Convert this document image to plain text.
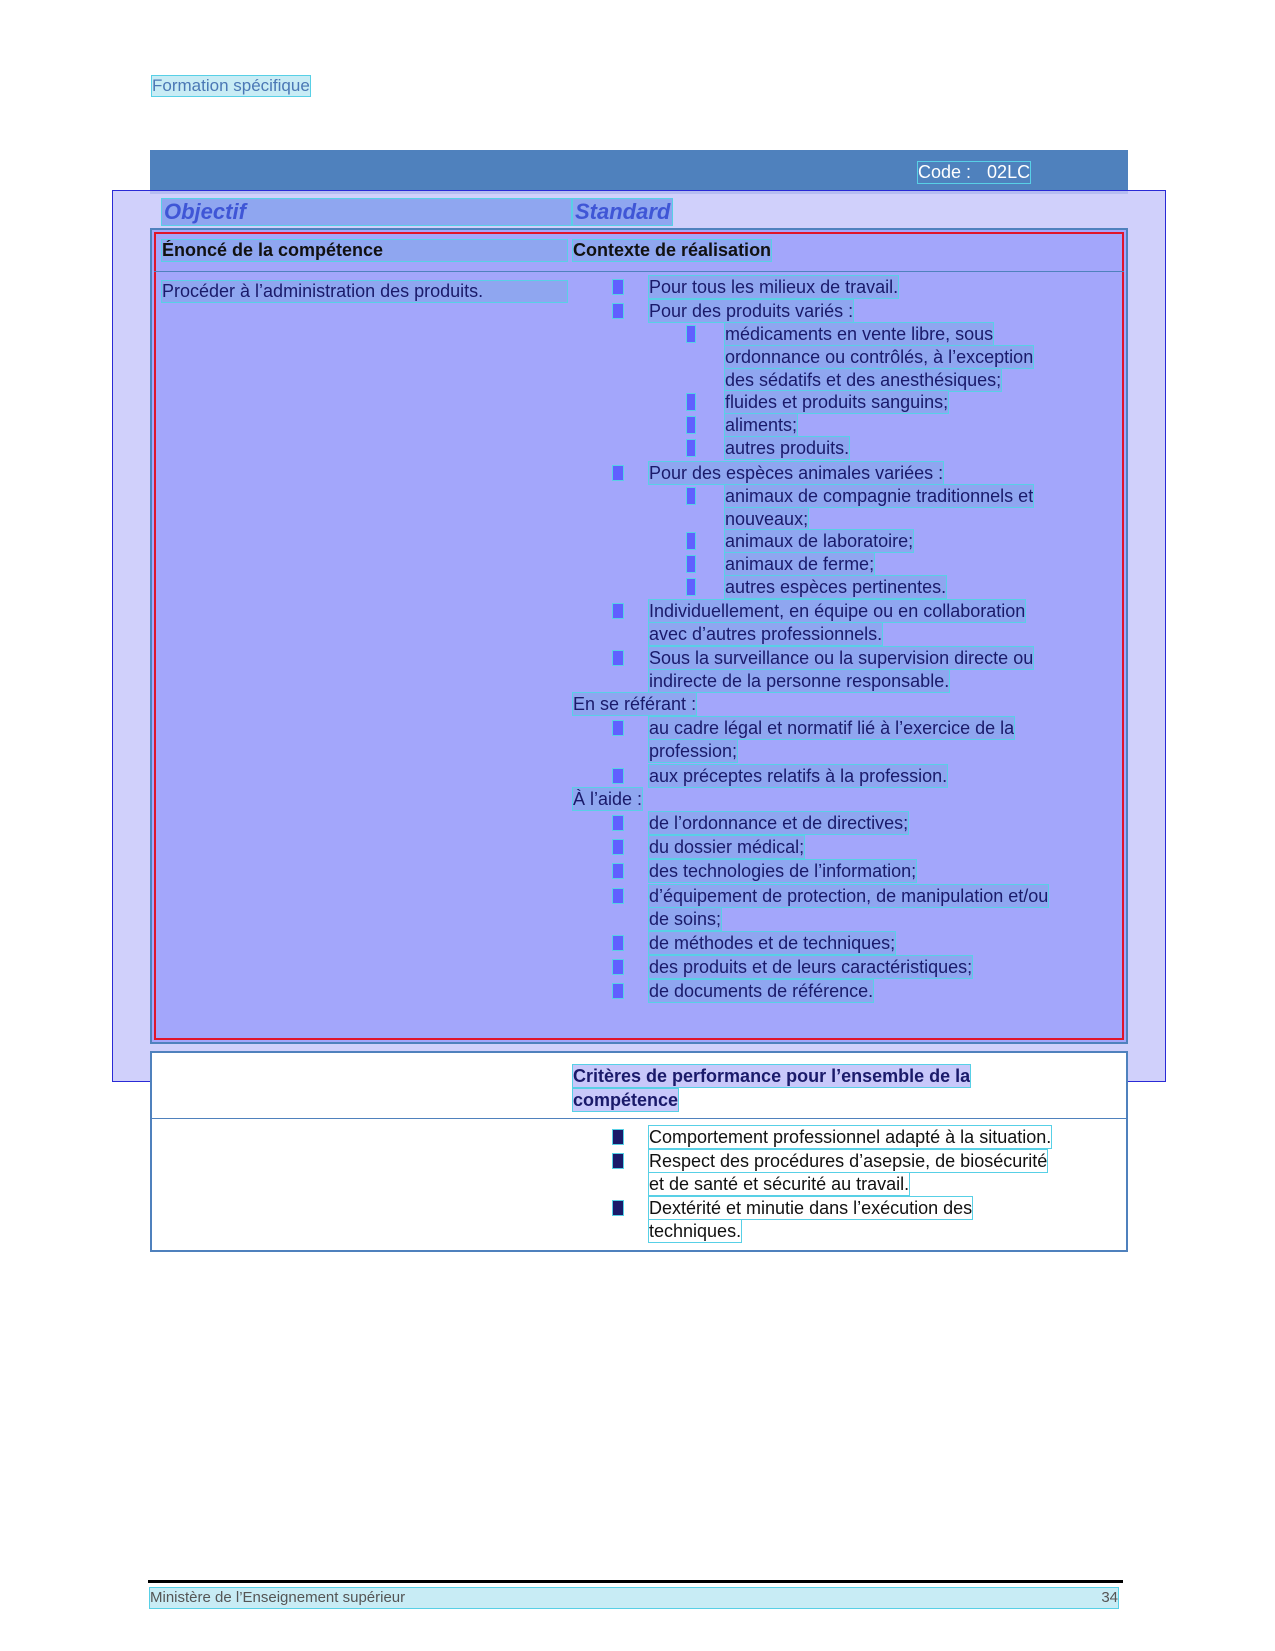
Formation spécifique
Code : 02LC
Objectif	Standard
Énoncé de la compétence	Contexte de réalisation
Procéder à l’administration des produits.	Pour tous les milieux de travail.
Pour des produits variés :
médicaments en vente libre, sous
ordonnance ou contrôlés, à l’exception
des sédatifs et des anesthésiques;
fluides et produits sanguins;
aliments;
autres produits.
Pour des espèces animales variées :
animaux de compagnie traditionnels et
nouveaux;
animaux de laboratoire;
animaux de ferme;
autres espèces pertinentes.
Individuellement, en équipe ou en collaboration
avec d’autres professionnels.
Sous la surveillance ou la supervision directe ou
indirecte de la personne responsable.
En se référant :
au cadre légal et normatif lié à l’exercice de la
profession;
aux préceptes relatifs à la profession.
À l’aide :
de l’ordonnance et de directives;
du dossier médical;
des technologies de l’information;
d’équipement de protection, de manipulation et/ou
de soins;
de méthodes et de techniques;
des produits et de leurs caractéristiques;
de documents de référence.
Critères de performance pour l’ensemble de la
compétence
Comportement professionnel adapté à la situation.
Respect des procédures d’asepsie, de biosécurité
et de santé et sécurité au travail.
Dextérité et minutie dans l’exécution des
techniques.
Ministère de l’Enseignement supérieur	34
